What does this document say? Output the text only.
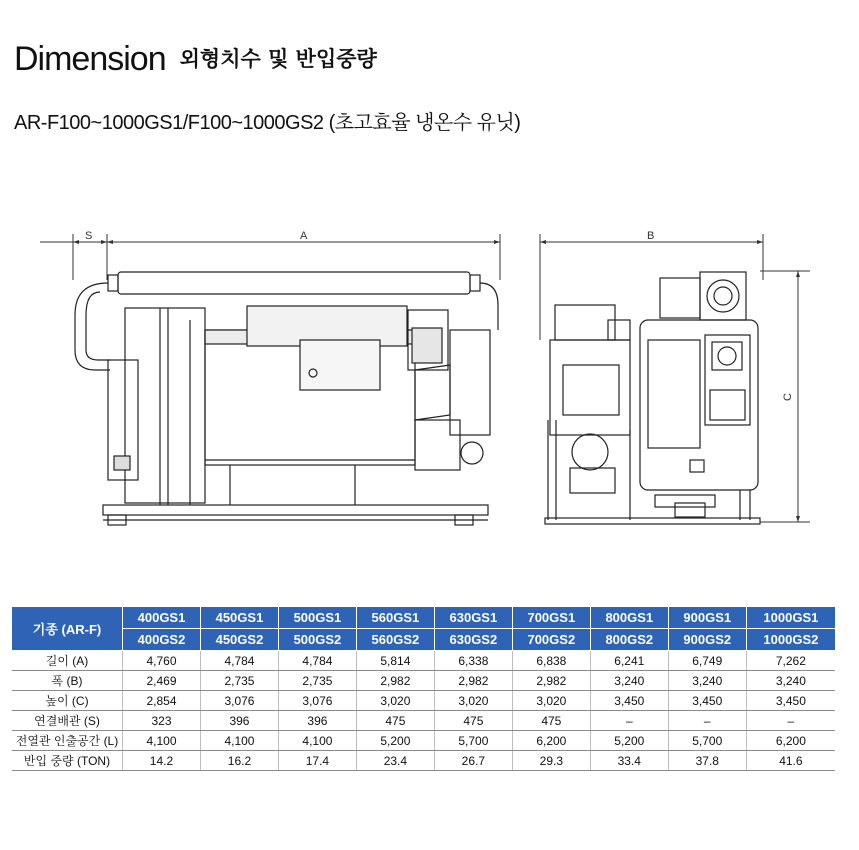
Dimension 외형치수 및 반입중량
AR-F100~1000GS1/F100~1000GS2 (초고효율 냉온수 유닛)
S	A	B
C
기종 (AR-F)	400GS1	450GS1	500GS1	560GS1	630GS1	700GS1	800GS1	900GS1	1000GS1
	400GS2	450GS2	500GS2	560GS2	630GS2	700GS2	800GS2	900GS2	1000GS2
길이 (A)	4,760	4,784	4,784	5,814	6,338	6,838	6,241	6,749	7,262
폭 (B)	2,469	2,735	2,735	2,982	2,982	2,982	3,240	3,240	3,240
높이 (C)	2,854	3,076	3,076	3,020	3,020	3,020	3,450	3,450	3,450
연결배관 (S)	323	396	396	475	475	475	–	–	–
전열관 인출공간 (L)	4,100	4,100	4,100	5,200	5,700	6,200	5,200	5,700	6,200
반입 중량 (TON)	14.2	16.2	17.4	23.4	26.7	29.3	33.4	37.8	41.6
